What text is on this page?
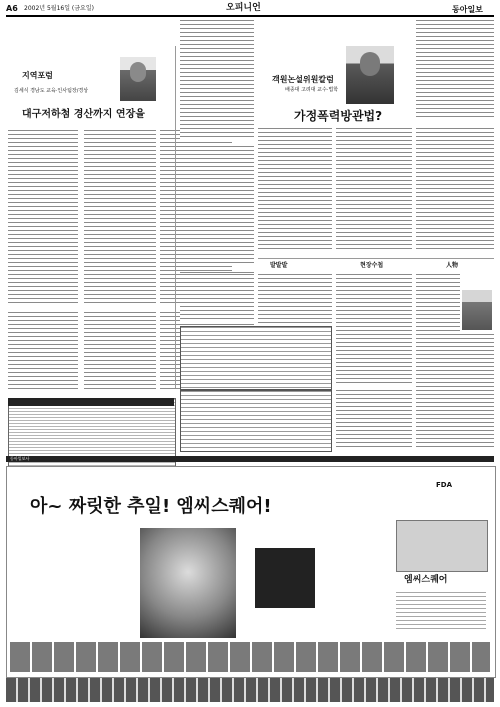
A6 2002년 5월16일 (금요일)	오피니언	동아일보
지역포럼
김세식 경남도 교육·인사팀장/경상
대구저하첨 경산까지 연장을
객원논설위원칼럼
배종대 고려대 교수·법학
가정폭력방관법?
발발발	현장수첩	人物
동아일보사
아~ 짜릿한 추일! 엠씨스퀘어!
FDA
엠씨스퀘어
